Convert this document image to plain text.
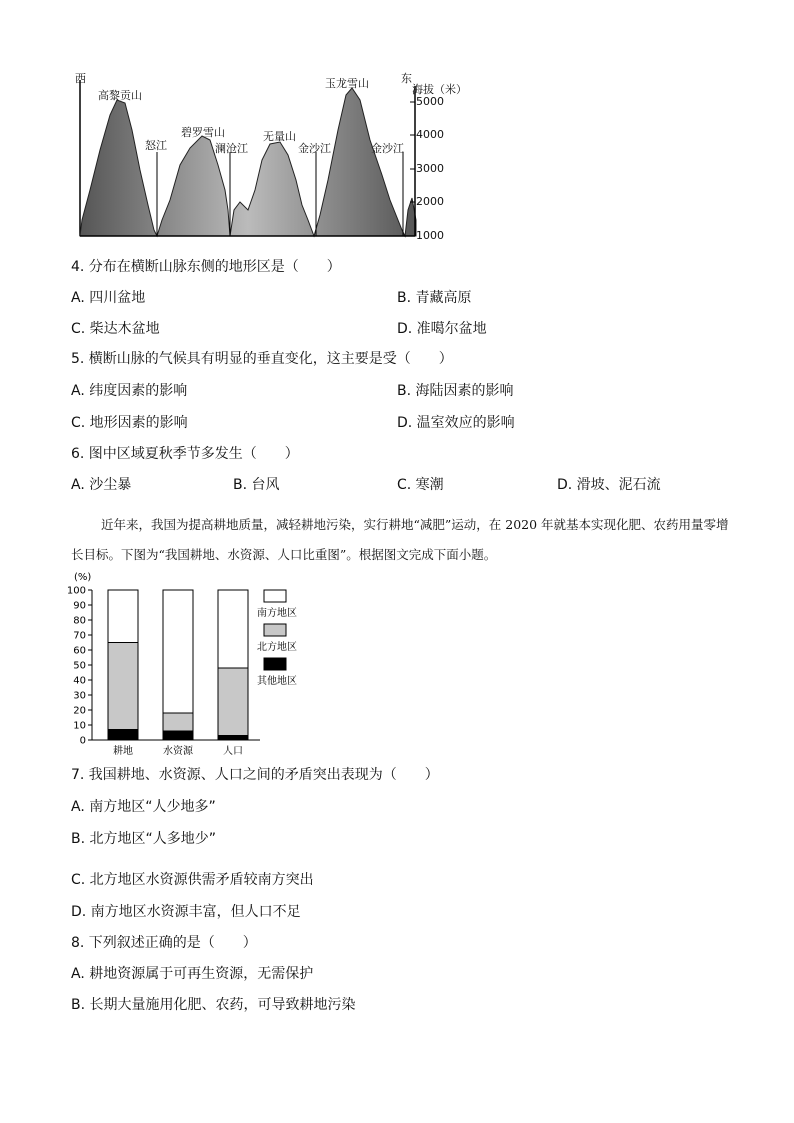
西	东
海拔（米）
5000
4000
3000
2000
1000
高黎贡山
碧罗雪山	无量山
玉龙雪山
怒江	澜沧江	金沙江	金沙江
4. 分布在横断山脉东侧的地形区是（　　）
A. 四川盆地	B. 青藏高原
C. 柴达木盆地	D. 准噶尔盆地
5. 横断山脉的气候具有明显的垂直变化，这主要是受（　　）
A. 纬度因素的影响	B. 海陆因素的影响
C. 地形因素的影响	D. 温室效应的影响
6. 图中区域夏秋季节多发生（　　）
A. 沙尘暴	B. 台风	C. 寒潮	D. 滑坡、泥石流

近年来，我国为提高耕地质量，减轻耕地污染，实行耕地“减肥”运动，在 2020 年就基本实现化肥、农药用量零增长目标。下图为“我国耕地、水资源、人口比重图”。根据图文完成下面小题。

(%)
100
90
80
70
60
50
40
30
20
10
0
耕地	水资源	人口
南方地区
北方地区
其他地区
7. 我国耕地、水资源、人口之间的矛盾突出表现为（　　）
A. 南方地区“人少地多”
B. 北方地区“人多地少”
C. 北方地区水资源供需矛盾较南方突出
D. 南方地区水资源丰富，但人口不足
8. 下列叙述正确的是（　　）
A. 耕地资源属于可再生资源，无需保护
B. 长期大量施用化肥、农药，可导致耕地污染
